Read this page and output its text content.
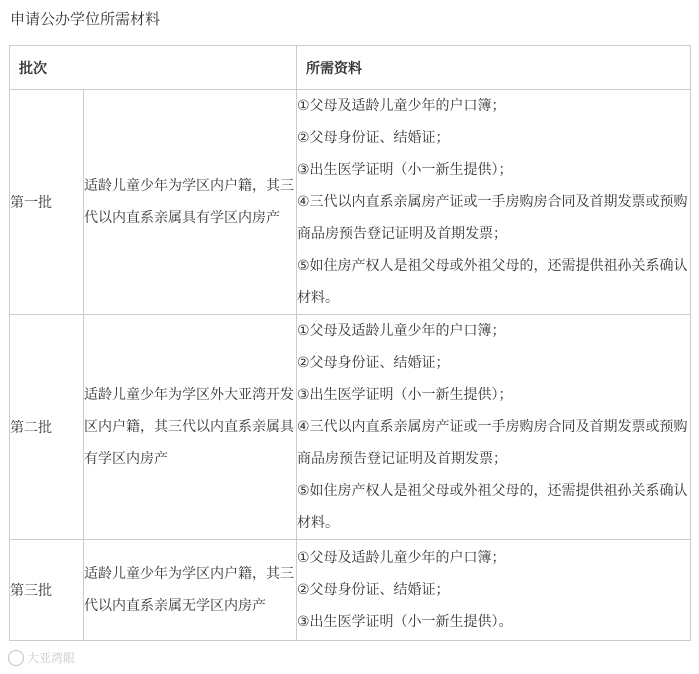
申请公办学位所需材料
批次		所需资料
第一批	适龄儿童少年为学区内户籍，其三代以内直系亲属具有学区内房产	①父母及适龄儿童少年的户口簿；
②父母身份证、结婚证；
③出生医学证明（小一新生提供）；
④三代以内直系亲属房产证或一手房购房合同及首期发票或预购商品房预告登记证明及首期发票；
⑤如住房产权人是祖父母或外祖父母的，还需提供祖孙关系确认材料。

第二批	适龄儿童少年为学区外大亚湾开发区内户籍，其三代以内直系亲属具有学区内房产	①父母及适龄儿童少年的户口簿；
②父母身份证、结婚证；
③出生医学证明（小一新生提供）；
④三代以内直系亲属房产证或一手房购房合同及首期发票或预购商品房预告登记证明及首期发票；
⑤如住房产权人是祖父母或外祖父母的，还需提供祖孙关系确认材料。

第三批	适龄儿童少年为学区内户籍，其三代以内直系亲属无学区内房产	①父母及适龄儿童少年的户口簿；
②父母身份证、结婚证；
③出生医学证明（小一新生提供）。
大亚湾眼
